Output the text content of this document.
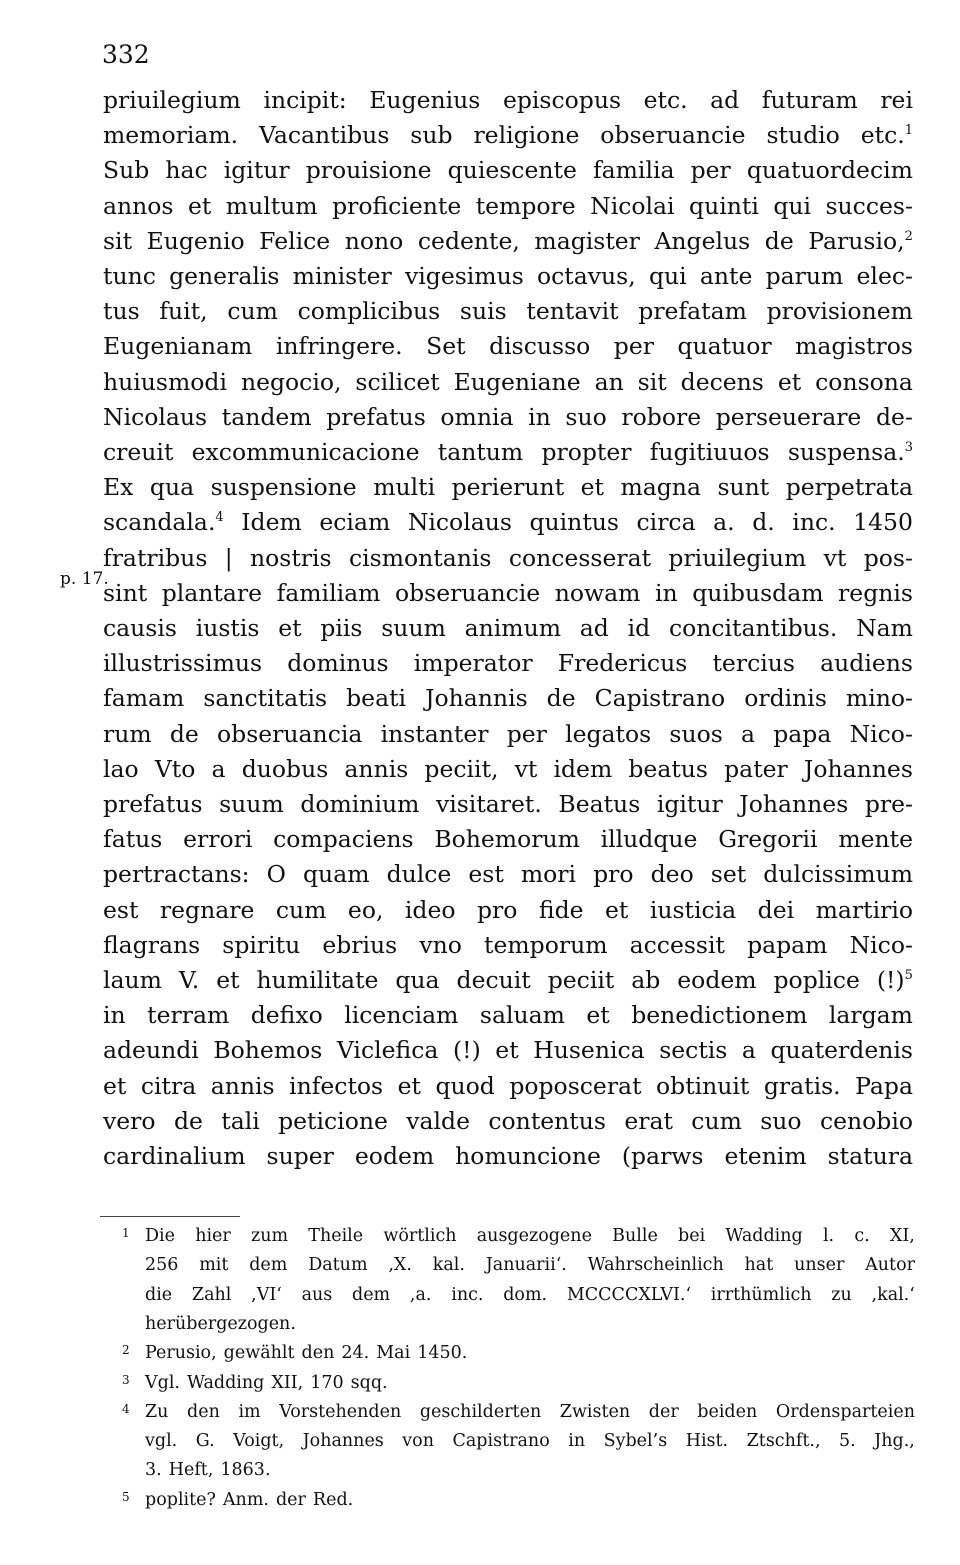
332
p. 17.
priuilegium incipit: Eugenius episcopus etc. ad futuram rei
memoriam. Vacantibus sub religione obseruancie studio etc.$^1$
Sub hac igitur prouisione quiescente familia per quatuordecim
annos et multum proficiente tempore Nicolai quinti qui succes-
sit Eugenio Felice nono cedente, magister Angelus de Parusio,$^2$
tunc generalis minister vigesimus octavus, qui ante parum elec-
tus fuit, cum complicibus suis tentavit prefatam provisionem
Eugenianam infringere. Set discusso per quatuor magistros
huiusmodi negocio, scilicet Eugeniane an sit decens et consona
Nicolaus tandem prefatus omnia in suo robore perseuerare de-
creuit excommunicacione tantum propter fugitiuuos suspensa.$^3$
Ex qua suspensione multi perierunt et magna sunt perpetrata
scandala.$^4$ Idem eciam Nicolaus quintus circa a. d. inc. 1450
fratribus | nostris cismontanis concesserat priuilegium vt pos-
sint plantare familiam obseruancie nowam in quibusdam regnis
causis iustis et piis suum animum ad id concitantibus. Nam
illustrissimus dominus imperator Fredericus tercius audiens
famam sanctitatis beati Johannis de Capistrano ordinis mino-
rum de obseruancia instanter per legatos suos a papa Nico-
lao Vto a duobus annis peciit, vt idem beatus pater Johannes
prefatus suum dominium visitaret. Beatus igitur Johannes pre-
fatus errori compaciens Bohemorum illudque Gregorii mente
pertractans: O quam dulce est mori pro deo set dulcissimum
est regnare cum eo, ideo pro fide et iusticia dei martirio
flagrans spiritu ebrius vno temporum accessit papam Nico-
laum V. et humilitate qua decuit peciit ab eodem poplice (!)$^5$
in terram defixo licenciam saluam et benedictionem largam
adeundi Bohemos Viclefica (!) et Husenica sectis a quaterdenis
et citra annis infectos et quod poposcerat obtinuit gratis. Papa
vero de tali peticione valde contentus erat cum suo cenobio
cardinalium super eodem homuncione (parws etenim statura
Die hier zum Theile wörtlich ausgezogene Bulle bei Wadding l. c. XI,
1
256 mit dem Datum ,X. kal. Januarii‘. Wahrscheinlich hat unser Autor
die Zahl ,VI‘ aus dem ,a. inc. dom. MCCCCXLVI.‘ irrthümlich zu ,kal.‘
herübergezogen.
Perusio, gewählt den 24. Mai 1450.
2
Vgl. Wadding XII, 170 sqq.
3
Zu den im Vorstehenden geschilderten Zwisten der beiden Ordensparteien
4
vgl. G. Voigt, Johannes von Capistrano in Sybel’s Hist. Ztschft., 5. Jhg.,
3. Heft, 1863.
poplite? Anm. der Red.
5
